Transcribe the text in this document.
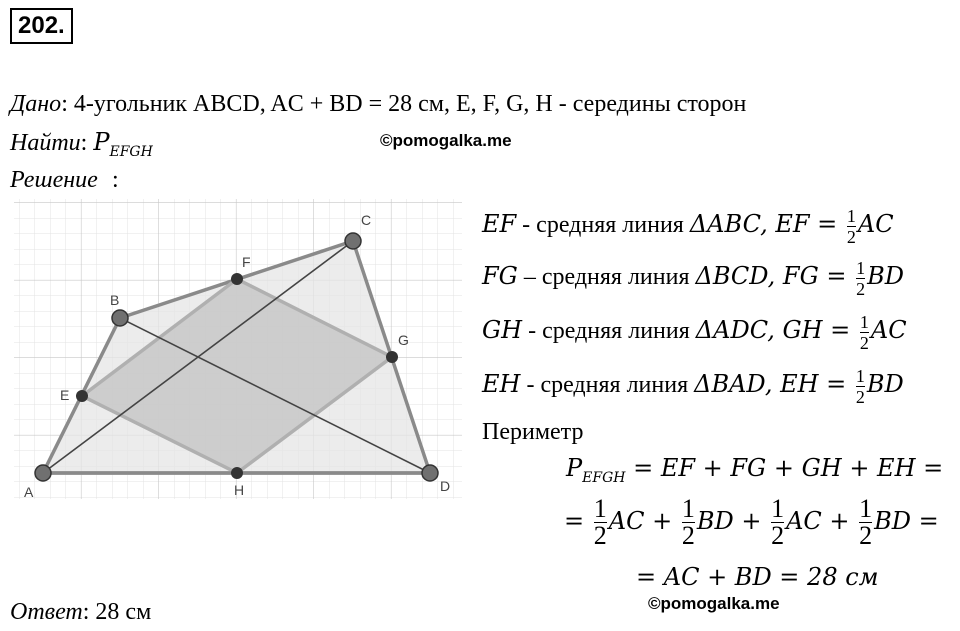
202.
Дано: 4-угольник ABCD, AC + BD = 28 см, E, F, G, H - середины сторон
Найти: $P_{EFGH}$
©pomogalka.me
Решение :
A
B
C
D
E
F
G
H
EF - средняя линия ΔABC, EF = $\frac{1}{2}$ AC
FG – средняя линия ΔBCD, FG = $\frac{1}{2}$ BD
GH - средняя линия ΔADC, GH = $\frac{1}{2}$ AC
EH - средняя линия ΔBAD, EH = $\frac{1}{2}$ BD
Периметр
$P_{EFGH}$ = EF + FG + GH + EH =
= $\frac{1}{2}$ AC + $\frac{1}{2}$ BD + $\frac{1}{2}$ AC + $\frac{1}{2}$ BD =
= AC + BD = 28 см
©pomogalka.me
Ответ: 28 см
